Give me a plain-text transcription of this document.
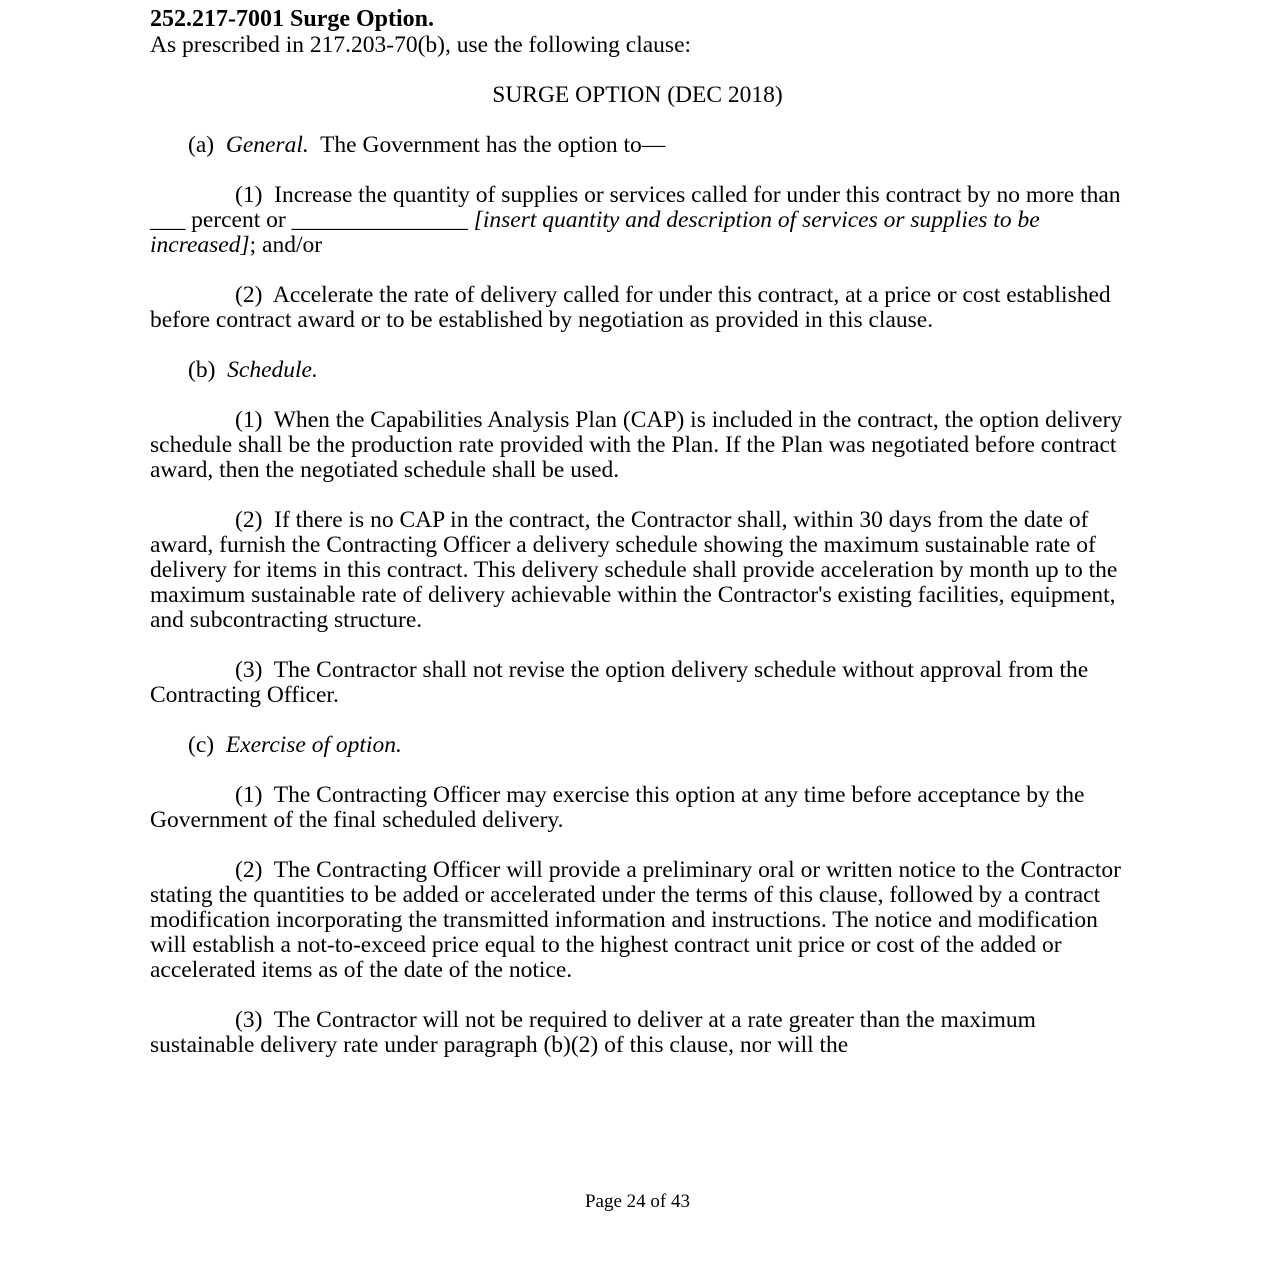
252.217-7001 Surge Option.
As prescribed in 217.203-70(b), use the following clause:
SURGE OPTION (DEC 2018)
(a) General. The Government has the option to—
(1) Increase the quantity of supplies or services called for under this contract by no more than ___ percent or _______________ [insert quantity and description of services or supplies to be increased]; and/or
(2) Accelerate the rate of delivery called for under this contract, at a price or cost established before contract award or to be established by negotiation as provided in this clause.
(b) Schedule.
(1) When the Capabilities Analysis Plan (CAP) is included in the contract, the option delivery schedule shall be the production rate provided with the Plan. If the Plan was negotiated before contract award, then the negotiated schedule shall be used.
(2) If there is no CAP in the contract, the Contractor shall, within 30 days from the date of award, furnish the Contracting Officer a delivery schedule showing the maximum sustainable rate of delivery for items in this contract. This delivery schedule shall provide acceleration by month up to the maximum sustainable rate of delivery achievable within the Contractor's existing facilities, equipment, and subcontracting structure.
(3) The Contractor shall not revise the option delivery schedule without approval from the Contracting Officer.
(c) Exercise of option.
(1) The Contracting Officer may exercise this option at any time before acceptance by the Government of the final scheduled delivery.
(2) The Contracting Officer will provide a preliminary oral or written notice to the Contractor stating the quantities to be added or accelerated under the terms of this clause, followed by a contract modification incorporating the transmitted information and instructions. The notice and modification will establish a not-to-exceed price equal to the highest contract unit price or cost of the added or accelerated items as of the date of the notice.
(3) The Contractor will not be required to deliver at a rate greater than the maximum sustainable delivery rate under paragraph (b)(2) of this clause, nor will the
Page 24 of 43
